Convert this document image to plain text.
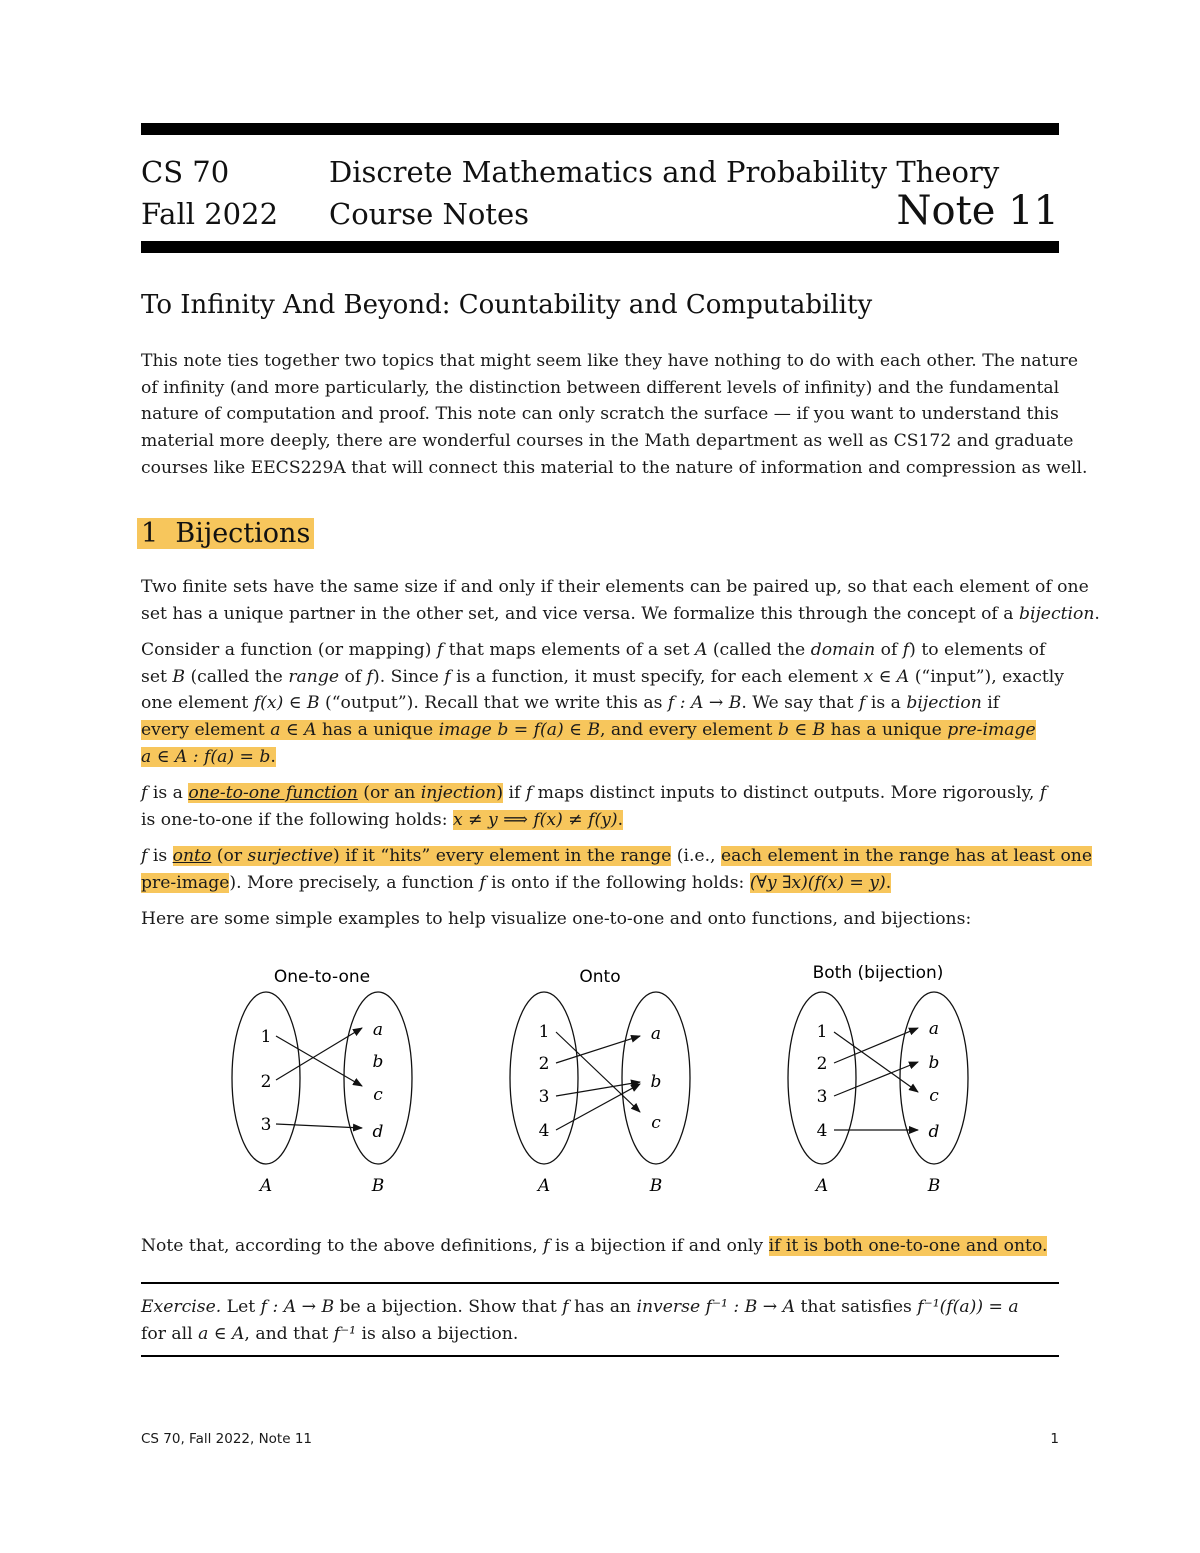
CS 70
Fall 2022
Discrete Mathematics and Probability Theory
Course Notes	Note 11
To Infinity And Beyond: Countability and Computability
This note ties together two topics that might seem like they have nothing to do with each other. The nature
of infinity (and more particularly, the distinction between different levels of infinity) and the fundamental
nature of computation and proof. This note can only scratch the surface — if you want to understand this
material more deeply, there are wonderful courses in the Math department as well as CS172 and graduate
courses like EECS229A that will connect this material to the nature of information and compression as well.
1 Bijections
Two finite sets have the same size if and only if their elements can be paired up, so that each element of one
set has a unique partner in the other set, and vice versa. We formalize this through the concept of a bijection.
Consider a function (or mapping) f that maps elements of a set A (called the domain of f) to elements of
set B (called the range of f). Since f is a function, it must specify, for each element x ∈ A (“input”), exactly
one element f(x) ∈ B (“output”). Recall that we write this as f : A → B. We say that f is a bijection if
every element a ∈ A has a unique image b = f(a) ∈ B, and every element b ∈ B has a unique pre-image
a ∈ A : f(a) = b.
f is a one-to-one function (or an injection) if f maps distinct inputs to distinct outputs. More rigorously, f
is one-to-one if the following holds: x ≠ y ⟹ f(x) ≠ f(y).
f is onto (or surjective) if it “hits” every element in the range (i.e., each element in the range has at least one
pre-image). More precisely, a function f is onto if the following holds: (∀y ∃x)(f(x) = y).
Here are some simple examples to help visualize one-to-one and onto functions, and bijections:
One-to-one
1
2
3
a
b
c
d
A	B
Onto
1
2
3
4
a
b
c
A	B
Both (bijection)
1
2
3
4
a
b
c
d
A	B
Note that, according to the above definitions, f is a bijection if and only if it is both one-to-one and onto.
Exercise. Let f : A → B be a bijection. Show that f has an inverse f⁻¹ : B → A that satisfies f⁻¹(f(a)) = a
for all a ∈ A, and that f⁻¹ is also a bijection.
CS 70, Fall 2022, Note 11	1
